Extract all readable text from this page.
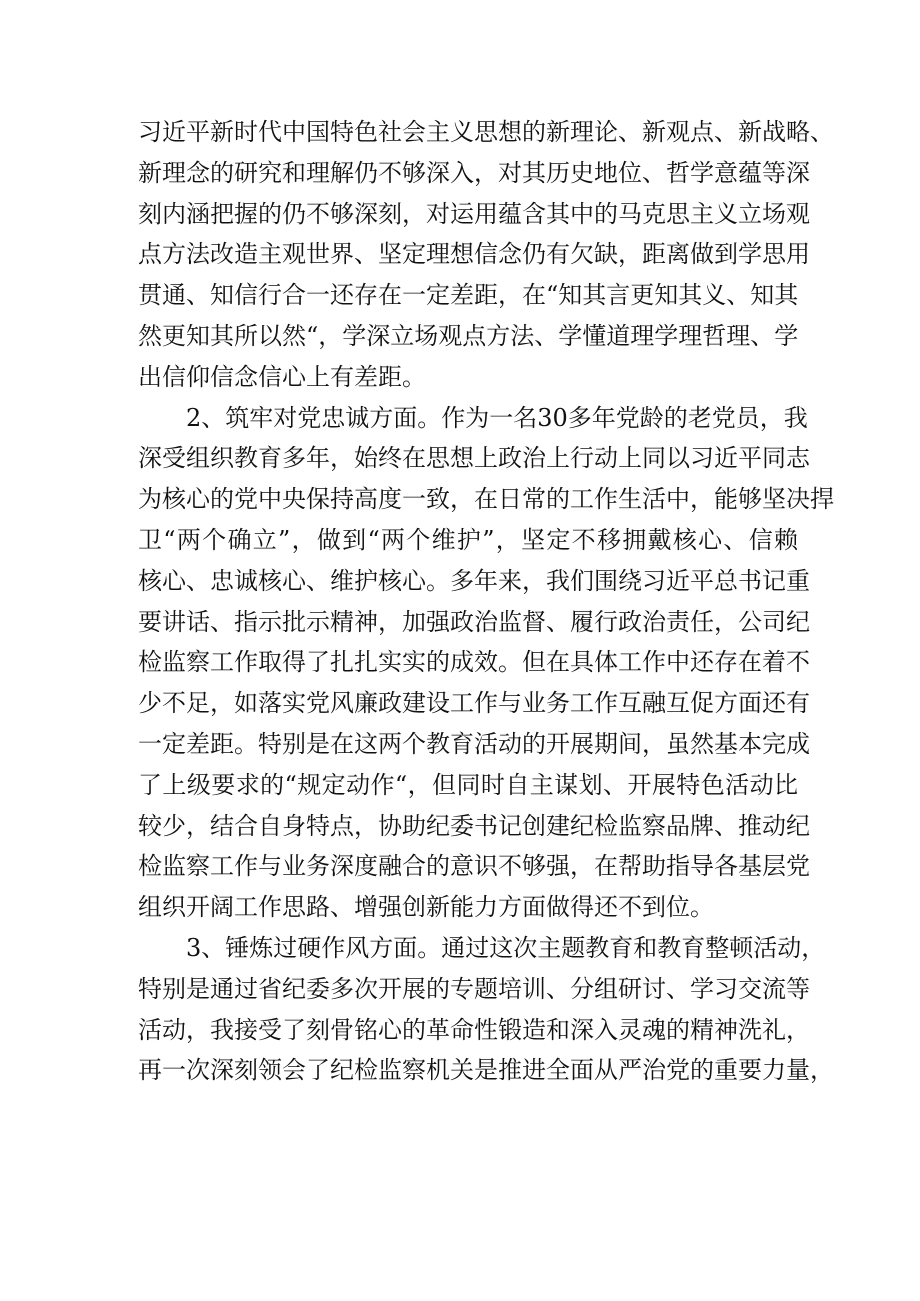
习近平新时代中国特色社会主义思想的新理论、新观点、新战略、
新理念的研究和理解仍不够深入，对其历史地位、哲学意蕴等深
刻内涵把握的仍不够深刻，对运用蕴含其中的马克思主义立场观
点方法改造主观世界、坚定理想信念仍有欠缺，距离做到学思用
贯通、知信行合一还存在一定差距，在“知其言更知其义、知其
然更知其所以然“，学深立场观点方法、学懂道理学理哲理、学
出信仰信念信心上有差距。
2、筑牢对党忠诚方面。作为一名30多年党龄的老党员，我
深受组织教育多年，始终在思想上政治上行动上同以习近平同志
为核心的党中央保持高度一致，在日常的工作生活中，能够坚决捍
卫“两个确立”，做到“两个维护”，坚定不移拥戴核心、信赖
核心、忠诚核心、维护核心。多年来，我们围绕习近平总书记重
要讲话、指示批示精神，加强政治监督、履行政治责任，公司纪
检监察工作取得了扎扎实实的成效。但在具体工作中还存在着不
少不足，如落实党风廉政建设工作与业务工作互融互促方面还有
一定差距。特别是在这两个教育活动的开展期间，虽然基本完成
了上级要求的“规定动作“，但同时自主谋划、开展特色活动比
较少，结合自身特点，协助纪委书记创建纪检监察品牌、推动纪
检监察工作与业务深度融合的意识不够强，在帮助指导各基层党
组织开阔工作思路、增强创新能力方面做得还不到位。
3、锤炼过硬作风方面。通过这次主题教育和教育整顿活动，
特别是通过省纪委多次开展的专题培训、分组研讨、学习交流等
活动，我接受了刻骨铭心的革命性锻造和深入灵魂的精神洗礼，
再一次深刻领会了纪检监察机关是推进全面从严治党的重要力量，
